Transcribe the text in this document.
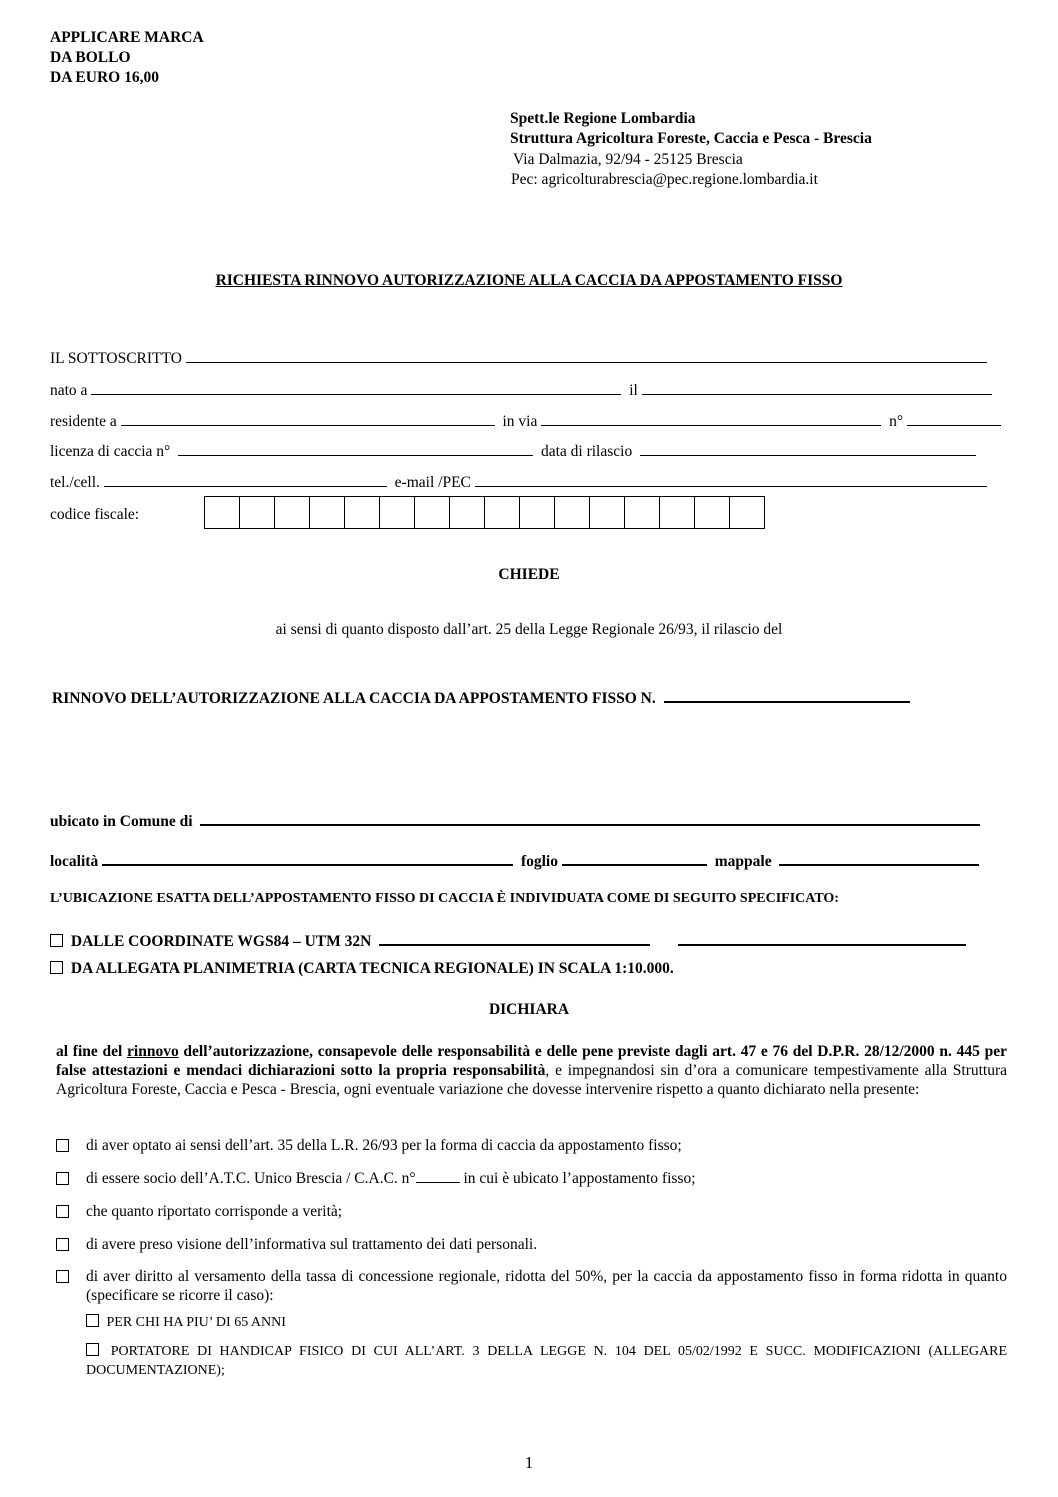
APPLICARE MARCA
DA BOLLO
DA EURO 16,00
Spett.le Regione Lombardia
Struttura Agricoltura Foreste, Caccia e Pesca - Brescia
Via Dalmazia, 92/94 - 25125 Brescia
Pec: agricolturabrescia@pec.regione.lombardia.it
RICHIESTA RINNOVO AUTORIZZAZIONE ALLA CACCIA DA APPOSTAMENTO FISSO
IL SOTTOSCRITTO
nato a	il
residente a	in via	n°
licenza di caccia n°	data di rilascio
tel./cell.	e-mail /PEC
codice fiscale:

CHIEDE
ai sensi di quanto disposto dall’art. 25 della Legge Regionale 26/93, il rilascio del
RINNOVO DELL’AUTORIZZAZIONE ALLA CACCIA DA APPOSTAMENTO FISSO N.
ubicato in Comune di
località	foglio	mappale
L’UBICAZIONE ESATTA DELL’APPOSTAMENTO FISSO DI CACCIA È INDIVIDUATA COME DI SEGUITO SPECIFICATO:
DALLE COORDINATE WGS84 – UTM 32N
DA ALLEGATA PLANIMETRIA (CARTA TECNICA REGIONALE) IN SCALA 1:10.000.
DICHIARA
al fine del rinnovo dell’autorizzazione, consapevole delle responsabilità e delle pene previste dagli art. 47 e 76 del D.P.R. 28/12/2000 n. 445 per false attestazioni e mendaci dichiarazioni sotto la propria responsabilità, e impegnandosi sin d’ora a comunicare tempestivamente alla Struttura Agricoltura Foreste, Caccia e Pesca - Brescia, ogni eventuale variazione che dovesse intervenire rispetto a quanto dichiarato nella presente:
di aver optato ai sensi dell’art. 35 della L.R. 26/93 per la forma di caccia da appostamento fisso;
di essere socio dell’A.T.C. Unico Brescia / C.A.C. n°	in cui è ubicato l’appostamento fisso;
che quanto riportato corrisponde a verità;
di avere preso visione dell’informativa sul trattamento dei dati personali.
di aver diritto al versamento della tassa di concessione regionale, ridotta del 50%, per la caccia da appostamento fisso in forma ridotta in quanto (specificare se ricorre il caso):
PER CHI HA PIU’ DI 65 ANNI
PORTATORE DI HANDICAP FISICO DI CUI ALL’ART. 3 DELLA LEGGE N. 104 DEL 05/02/1992 E SUCC. MODIFICAZIONI (ALLEGARE DOCUMENTAZIONE);
1
